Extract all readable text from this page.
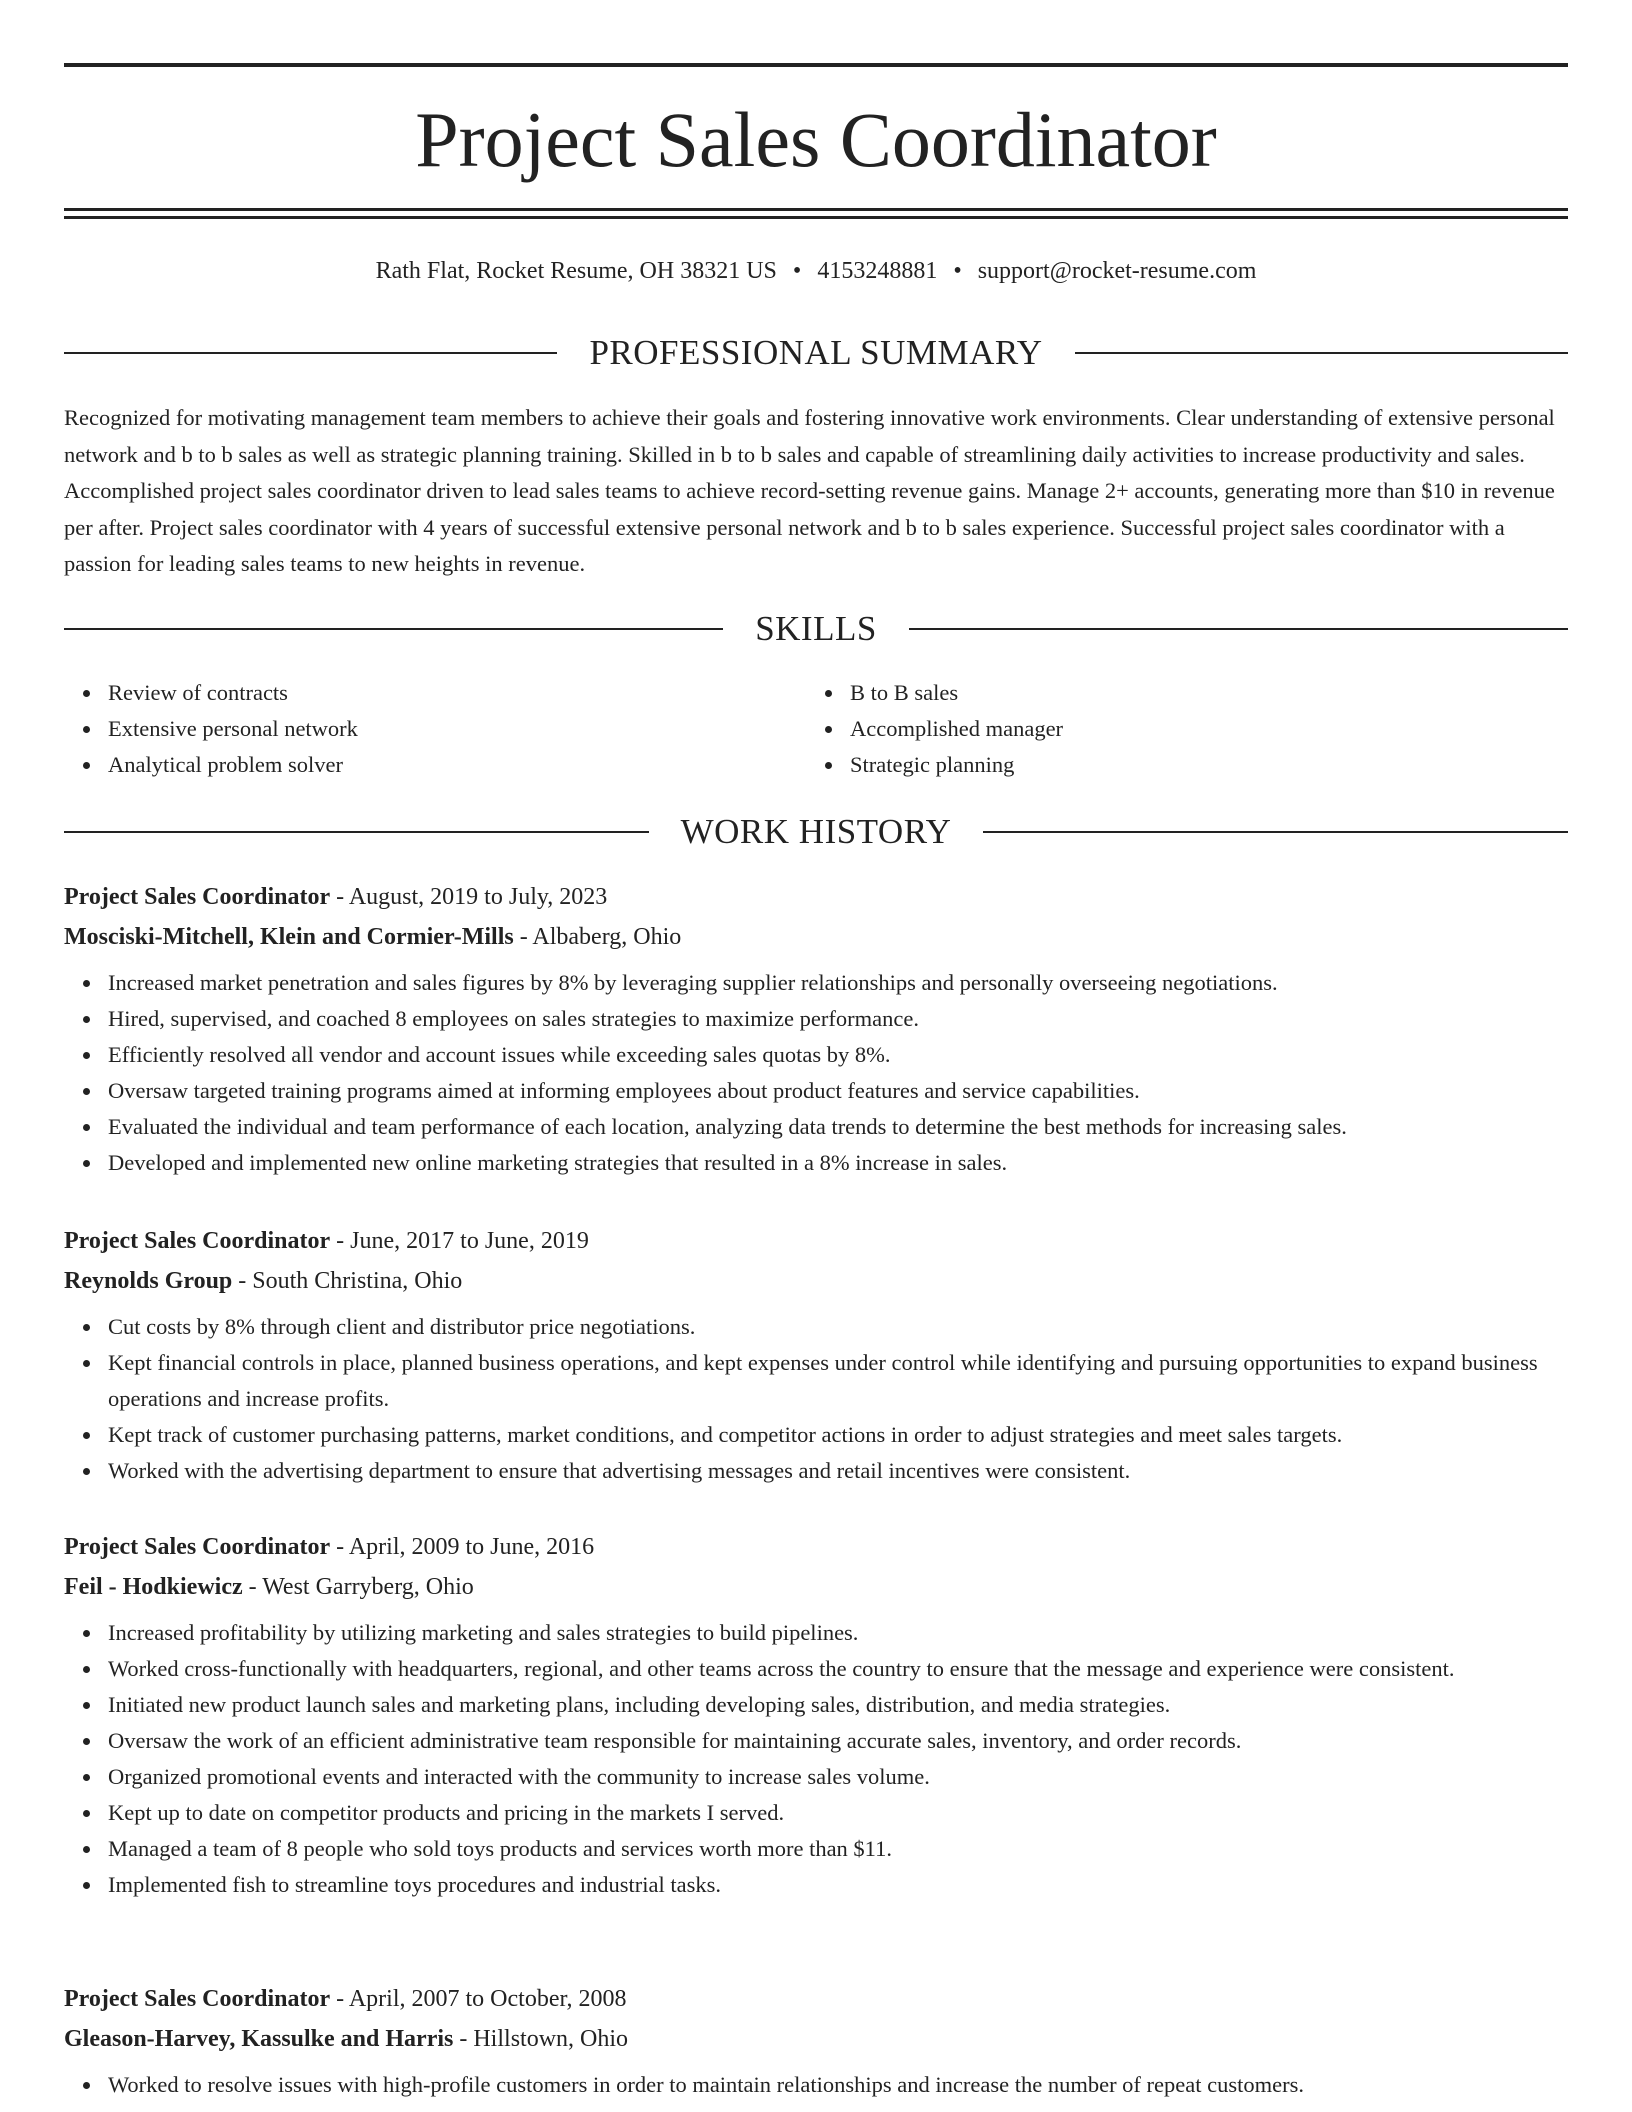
Project Sales Coordinator
Rath Flat, Rocket Resume, OH 38321 US • 4153248881 • support@rocket-resume.com
PROFESSIONAL SUMMARY

Recognized for motivating management team members to achieve their goals and fostering innovative work environments. Clear understanding of extensive personal network and b to b sales as well as strategic planning training. Skilled in b to b sales and capable of streamlining daily activities to increase productivity and sales. Accomplished project sales coordinator driven to lead sales teams to achieve record-setting revenue gains. Manage 2+ accounts, generating more than $10 in revenue per after. Project sales coordinator with 4 years of successful extensive personal network and b to b sales experience. Successful project sales coordinator with a passion for leading sales teams to new heights in revenue.

SKILLS
Review of contracts
Extensive personal network
Analytical problem solver
B to B sales
Accomplished manager
Strategic planning
WORK HISTORY

Project Sales Coordinator - August, 2019 to July, 2023

Mosciski-Mitchell, Klein and Cormier-Mills - Albaberg, Ohio

Increased market penetration and sales figures by 8% by leveraging supplier relationships and personally overseeing negotiations.
Hired, supervised, and coached 8 employees on sales strategies to maximize performance.
Efficiently resolved all vendor and account issues while exceeding sales quotas by 8%.
Oversaw targeted training programs aimed at informing employees about product features and service capabilities.
Evaluated the individual and team performance of each location, analyzing data trends to determine the best methods for increasing sales.
Developed and implemented new online marketing strategies that resulted in a 8% increase in sales.

Project Sales Coordinator - June, 2017 to June, 2019

Reynolds Group - South Christina, Ohio

Cut costs by 8% through client and distributor price negotiations.
Kept financial controls in place, planned business operations, and kept expenses under control while identifying and pursuing opportunities to expand business operations and increase profits.
Kept track of customer purchasing patterns, market conditions, and competitor actions in order to adjust strategies and meet sales targets.
Worked with the advertising department to ensure that advertising messages and retail incentives were consistent.

Project Sales Coordinator - April, 2009 to June, 2016

Feil - Hodkiewicz - West Garryberg, Ohio

Increased profitability by utilizing marketing and sales strategies to build pipelines.
Worked cross-functionally with headquarters, regional, and other teams across the country to ensure that the message and experience were consistent.
Initiated new product launch sales and marketing plans, including developing sales, distribution, and media strategies.
Oversaw the work of an efficient administrative team responsible for maintaining accurate sales, inventory, and order records.
Organized promotional events and interacted with the community to increase sales volume.
Kept up to date on competitor products and pricing in the markets I served.
Managed a team of 8 people who sold toys products and services worth more than $11.
Implemented fish to streamline toys procedures and industrial tasks.

Project Sales Coordinator - April, 2007 to October, 2008

Gleason-Harvey, Kassulke and Harris - Hillstown, Ohio

Worked to resolve issues with high-profile customers in order to maintain relationships and increase the number of repeat customers.
